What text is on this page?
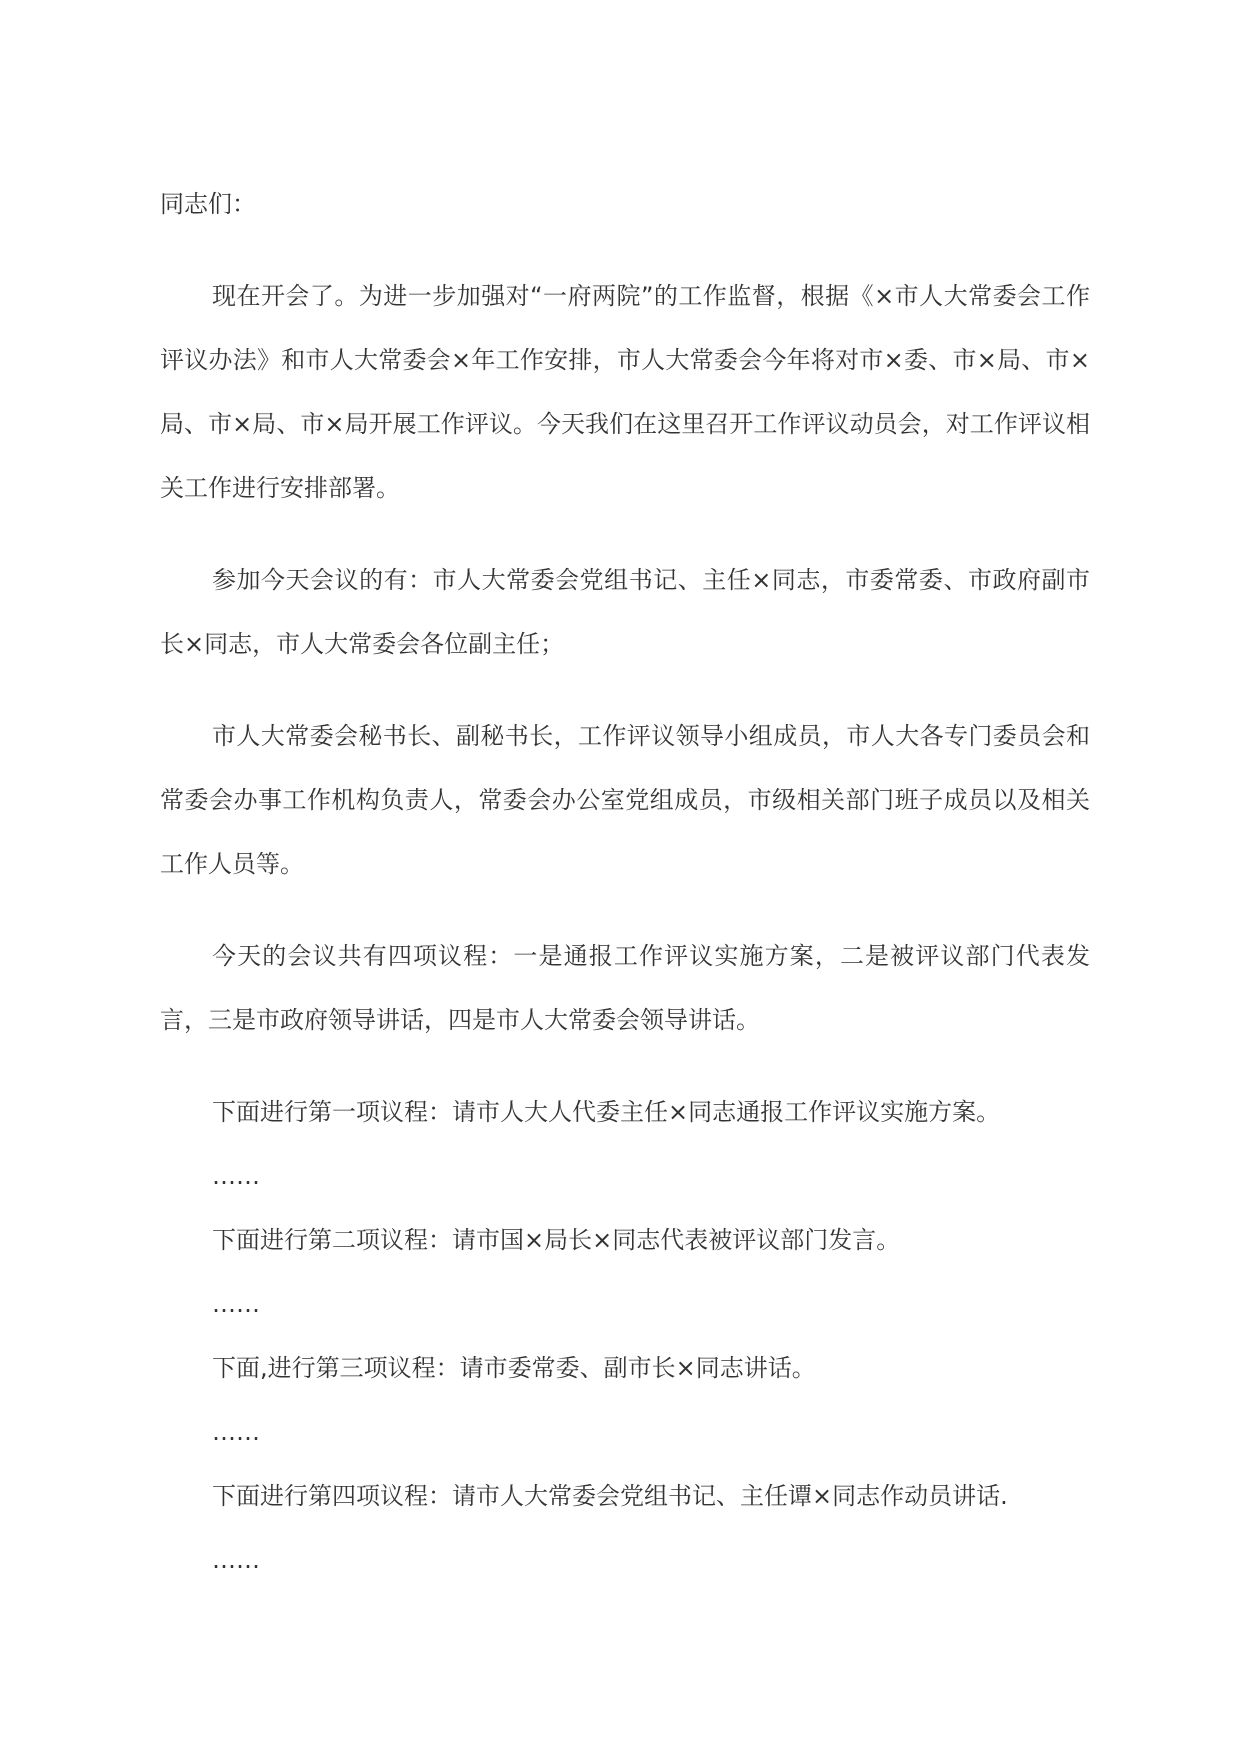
同志们：

现在开会了。为进一步加强对“一府两院”的工作监督，根据《×市人大常委会工作评议办法》和市人大常委会×年工作安排，市人大常委会今年将对市×委、市×局、市×局、市×局、市×局开展工作评议。今天我们在这里召开工作评议动员会，对工作评议相关工作进行安排部署。

参加今天会议的有：市人大常委会党组书记、主任×同志，市委常委、市政府副市长×同志，市人大常委会各位副主任；

市人大常委会秘书长、副秘书长，工作评议领导小组成员，市人大各专门委员会和常委会办事工作机构负责人，常委会办公室党组成员，市级相关部门班子成员以及相关工作人员等。

今天的会议共有四项议程：一是通报工作评议实施方案，二是被评议部门代表发言，三是市政府领导讲话，四是市人大常委会领导讲话。

下面进行第一项议程：请市人大人代委主任×同志通报工作评议实施方案。

……

下面进行第二项议程：请市国×局长×同志代表被评议部门发言。

……

下面,进行第三项议程：请市委常委、副市长×同志讲话。

……

下面进行第四项议程：请市人大常委会党组书记、主任谭×同志作动员讲话.

……
